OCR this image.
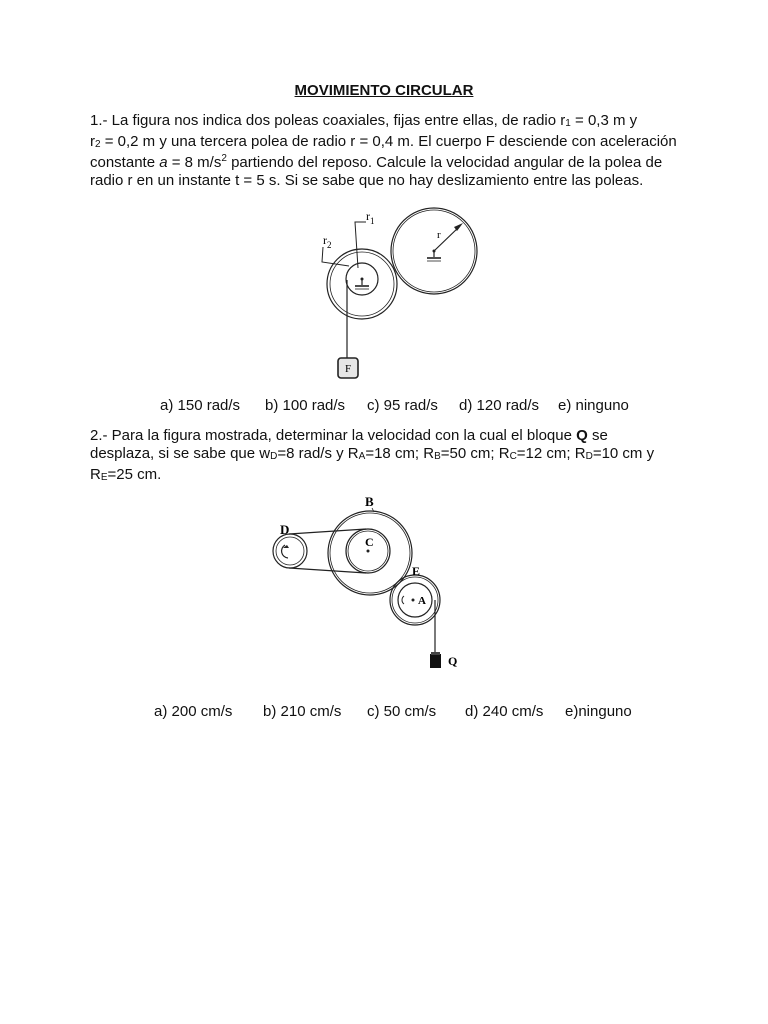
MOVIMIENTO CIRCULAR
1.- La figura nos indica dos poleas coaxiales, fijas entre ellas, de radio $r_1 = 0,3$ m y
$r_2 = 0,2$ m y una tercera polea de radio r = 0,4 m. El cuerpo F desciende con aceleración
constante a = 8 $m/s^2$ partiendo del reposo. Calcule la velocidad angular de la polea de
radio r en un instante t = 5 s. Si se sabe que no hay deslizamiento entre las poleas.
$r_1$
$r_2$
r
F
a) 150 rad/s b) 100 rad/s c) 95 rad/s d) 120 rad/s e) ninguno
2.- Para la figura mostrada, determinar la velocidad con la cual el bloque Q se
desplaza, si se sabe que $w_D=8$ rad/s y $R_A=18$ cm; $R_B=50$ cm; $R_C=12$ cm; $R_D=10$ cm y
$R_E=25$ cm.
D
B
C
E
A
Q
a) 200 cm/s b) 210 cm/s c) 50 cm/s d) 240 cm/s e)ninguno
